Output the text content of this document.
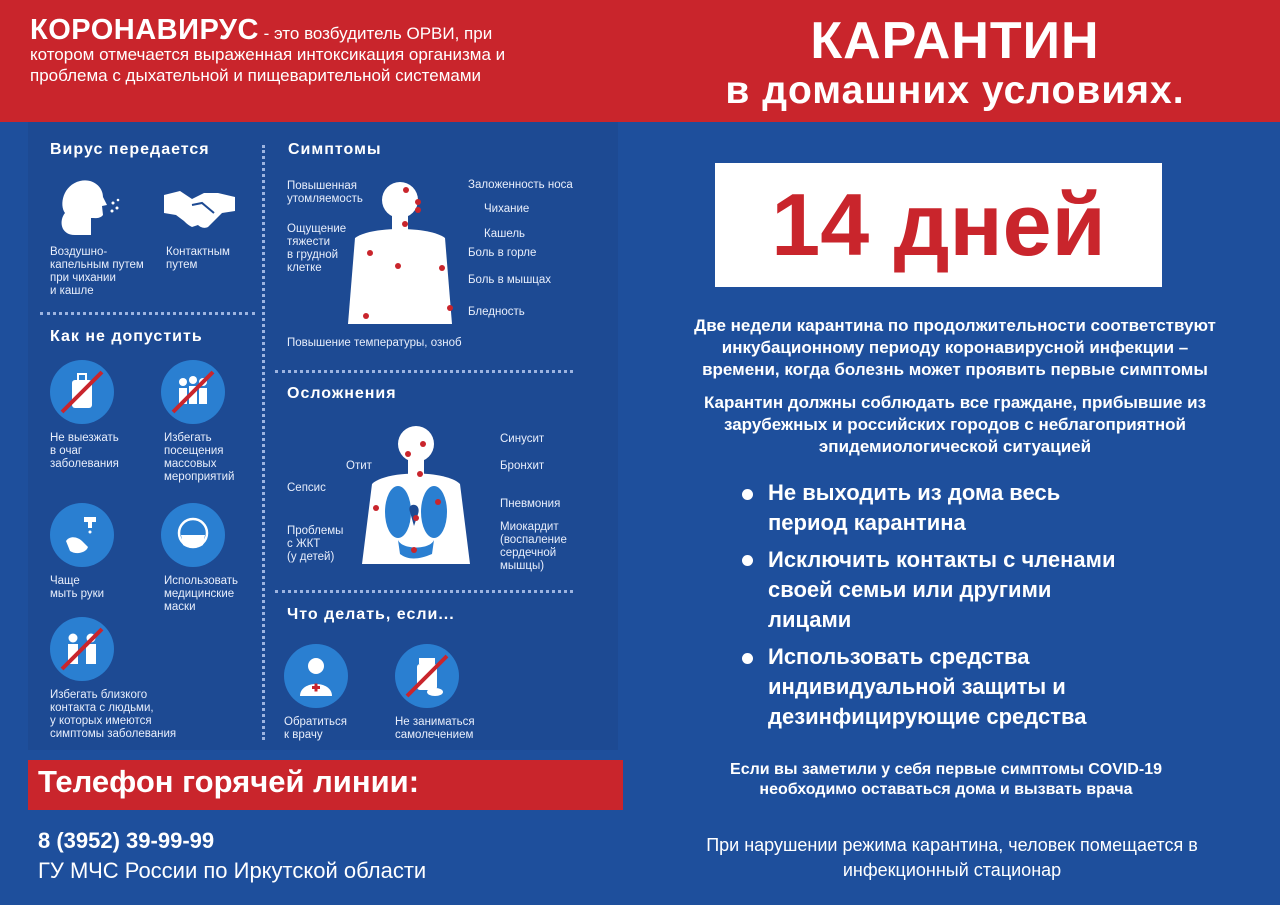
КОРОНАВИРУС - это возбудитель ОРВИ, при
котором отмечается выраженная интоксикация организма и
проблема с дыхательной и пищеварительной системами
КАРАНТИН
в домашних условиях.
Вирус передается
Воздушно-
капельным путем
при чихании
и кашле
Контактным
путем
Как не допустить
Не выезжать
в очаг
заболевания
Избегать
посещения
массовых
мероприятий
Чаще
мыть руки
Использовать
медицинские
маски
Избегать близкого
контакта с людьми,
у которых имеются
симптомы заболевания
Симптомы
Повышенная
утомляемость
Ощущение
тяжести
в грудной
клетке
Заложенность носа
Чихание
Кашель
Боль в горле
Боль в мышцах
Бледность
Повышение температуры, озноб
Осложнения
Отит
Сепсис
Проблемы
с ЖКТ
(у детей)
Синусит
Бронхит
Пневмония
Миокардит
(воспаление
сердечной
мышцы)
Что делать, если...
Обратиться
к врачу
Не заниматься
самолечением
Телефон горячей линии:
8 (3952) 39-99-99
ГУ МЧС России по Иркутской области
14 дней
Две недели карантина по продолжительности соответствуют
инкубационному периоду коронавирусной инфекции –
времени, когда болезнь может проявить первые симптомы
Карантин должны соблюдать все граждане, прибывшие из
зарубежных и российских городов с неблагоприятной
эпидемиологической ситуацией
Не выходить из дома весь
период карантина
Исключить контакты с членами
своей семьи или другими
лицами
Использовать средства
индивидуальной защиты и
дезинфицирующие средства
Если вы заметили у себя первые симптомы COVID-19
необходимо оставаться дома и вызвать врача
При нарушении режима карантина, человек помещается в
инфекционный стационар
